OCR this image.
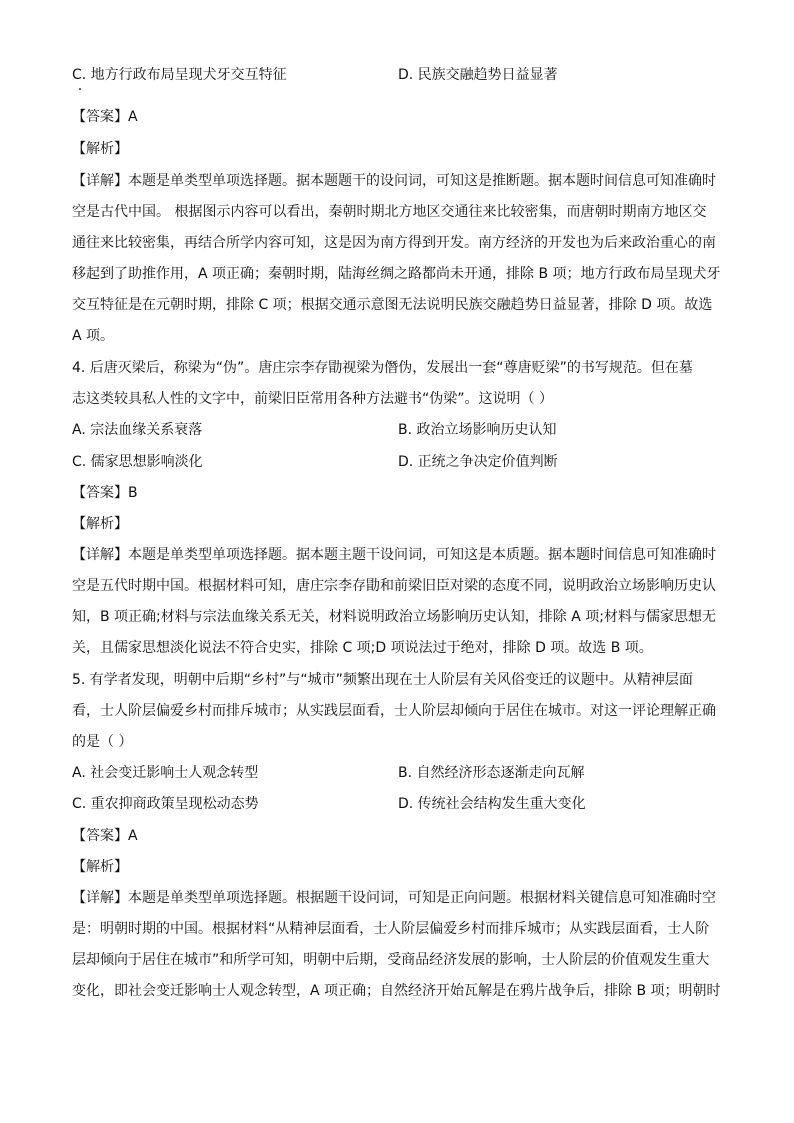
C. 地方行政布局呈现犬牙交互特征	D. 民族交融趋势日益显著
【答案】A
【解析】
【详解】本题是单类型单项选择题。据本题题干的设问词，可知这是推断题。据本题时间信息可知准确时
空是古代中国。 根据图示内容可以看出，秦朝时期北方地区交通往来比较密集，而唐朝时期南方地区交
通往来比较密集，再结合所学内容可知，这是因为南方得到开发。南方经济的开发也为后来政治重心的南
移起到了助推作用，A 项正确；秦朝时期，陆海丝绸之路都尚未开通，排除 B 项；地方行政布局呈现犬牙
交互特征是在元朝时期，排除 C 项；根据交通示意图无法说明民族交融趋势日益显著，排除 D 项。故选
A 项。
4. 后唐灭梁后，称梁为“伪”。唐庄宗李存勖视梁为僭伪，发展出一套“尊唐贬梁”的书写规范。但在墓
志这类较具私人性的文字中，前梁旧臣常用各种方法避书“伪梁”。这说明（ ）
A. 宗法血缘关系衰落	B. 政治立场影响历史认知
C. 儒家思想影响淡化	D. 正统之争决定价值判断
【答案】B
【解析】
【详解】本题是单类型单项选择题。据本题主题干设问词，可知这是本质题。据本题时间信息可知准确时
空是五代时期中国。根据材料可知，唐庄宗李存勖和前梁旧臣对梁的态度不同，说明政治立场影响历史认
知，B 项正确;材料与宗法血缘关系无关，材料说明政治立场影响历史认知，排除 A 项;材料与儒家思想无
关，且儒家思想淡化说法不符合史实，排除 C 项;D 项说法过于绝对，排除 D 项。故选 B 项。
5. 有学者发现，明朝中后期“乡村”与“城市”频繁出现在士人阶层有关风俗变迁的议题中。从精神层面
看，士人阶层偏爱乡村而排斥城市；从实践层面看，士人阶层却倾向于居住在城市。对这一评论理解正确
的是（ ）
A. 社会变迁影响士人观念转型	B. 自然经济形态逐渐走向瓦解
C. 重农抑商政策呈现松动态势	D. 传统社会结构发生重大变化
【答案】A
【解析】
【详解】本题是单类型单项选择题。根据题干设问词，可知是正向问题。根据材料关键信息可知准确时空
是：明朝时期的中国。根据材料“从精神层面看，士人阶层偏爱乡村而排斥城市；从实践层面看，士人阶
层却倾向于居住在城市”和所学可知，明朝中后期，受商品经济发展的影响，士人阶层的价值观发生重大
变化，即社会变迁影响士人观念转型，A 项正确；自然经济开始瓦解是在鸦片战争后，排除 B 项；明朝时
